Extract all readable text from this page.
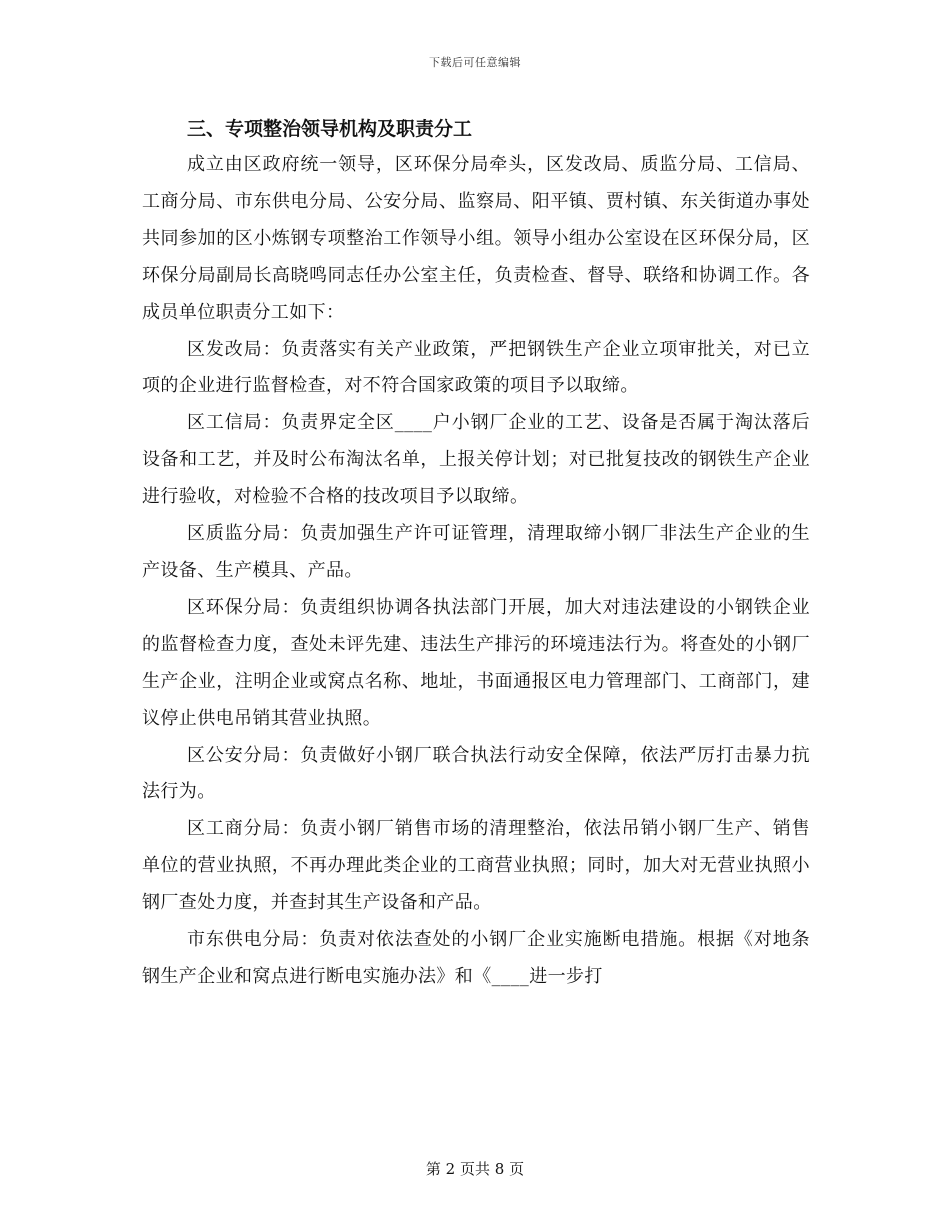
下载后可任意编辑
三、专项整治领导机构及职责分工

成立由区政府统一领导，区环保分局牵头，区发改局、质监分局、工信局、工商分局、市东供电分局、公安分局、监察局、阳平镇、贾村镇、东关街道办事处共同参加的区小炼钢专项整治工作领导小组。领导小组办公室设在区环保分局，区环保分局副局长高晓鸣同志任办公室主任，负责检查、督导、联络和协调工作。各成员单位职责分工如下：

区发改局：负责落实有关产业政策，严把钢铁生产企业立项审批关，对已立项的企业进行监督检查，对不符合国家政策的项目予以取缔。

区工信局：负责界定全区____户小钢厂企业的工艺、设备是否属于淘汰落后设备和工艺，并及时公布淘汰名单，上报关停计划；对已批复技改的钢铁生产企业进行验收，对检验不合格的技改项目予以取缔。

区质监分局：负责加强生产许可证管理，清理取缔小钢厂非法生产企业的生产设备、生产模具、产品。

区环保分局：负责组织协调各执法部门开展，加大对违法建设的小钢铁企业的监督检查力度，查处未评先建、违法生产排污的环境违法行为。将查处的小钢厂生产企业，注明企业或窝点名称、地址，书面通报区电力管理部门、工商部门，建议停止供电吊销其营业执照。

区公安分局：负责做好小钢厂联合执法行动安全保障，依法严厉打击暴力抗法行为。

区工商分局：负责小钢厂销售市场的清理整治，依法吊销小钢厂生产、销售单位的营业执照，不再办理此类企业的工商营业执照；同时，加大对无营业执照小钢厂查处力度，并查封其生产设备和产品。

市东供电分局：负责对依法查处的小钢厂企业实施断电措施。根据《对地条钢生产企业和窝点进行断电实施办法》和《____进一步打

第 2 页共 8 页
